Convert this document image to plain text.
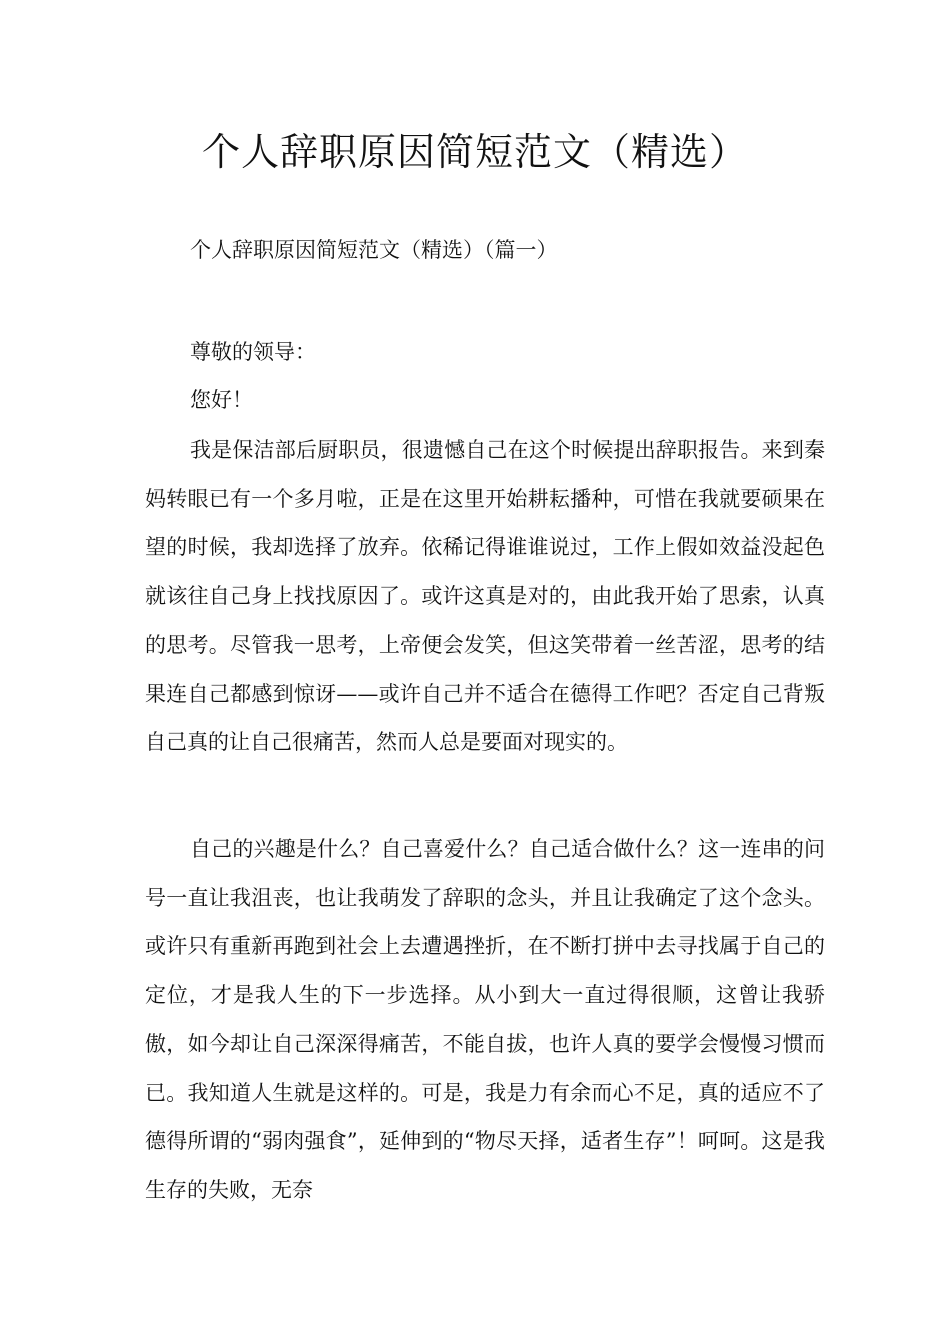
个人辞职原因简短范文（精选）
个人辞职原因简短范文（精选）（篇一）
尊敬的领导：
您好！

我是保洁部后厨职员，很遗憾自己在这个时候提出辞职报告。来到秦妈转眼已有一个多月啦，正是在这里开始耕耘播种，可惜在我就要硕果在望的时候，我却选择了放弃。依稀记得谁谁说过，工作上假如效益没起色就该往自己身上找找原因了。或许这真是对的，由此我开始了思索，认真的思考。尽管我一思考，上帝便会发笑，但这笑带着一丝苦涩，思考的结果连自己都感到惊讶——或许自己并不适合在德得工作吧？否定自己背叛自己真的让自己很痛苦，然而人总是要面对现实的。

自己的兴趣是什么？自己喜爱什么？自己适合做什么？这一连串的问号一直让我沮丧，也让我萌发了辞职的念头，并且让我确定了这个念头。或许只有重新再跑到社会上去遭遇挫折，在不断打拼中去寻找属于自己的定位，才是我人生的下一步选择。从小到大一直过得很顺，这曾让我骄傲，如今却让自己深深得痛苦，不能自拔，也许人真的要学会慢慢习惯而已。我知道人生就是这样的。可是，我是力有余而心不足，真的适应不了德得所谓的“弱肉强食”，延伸到的“物尽天择，适者生存”！呵呵。这是我生存的失败，无奈
